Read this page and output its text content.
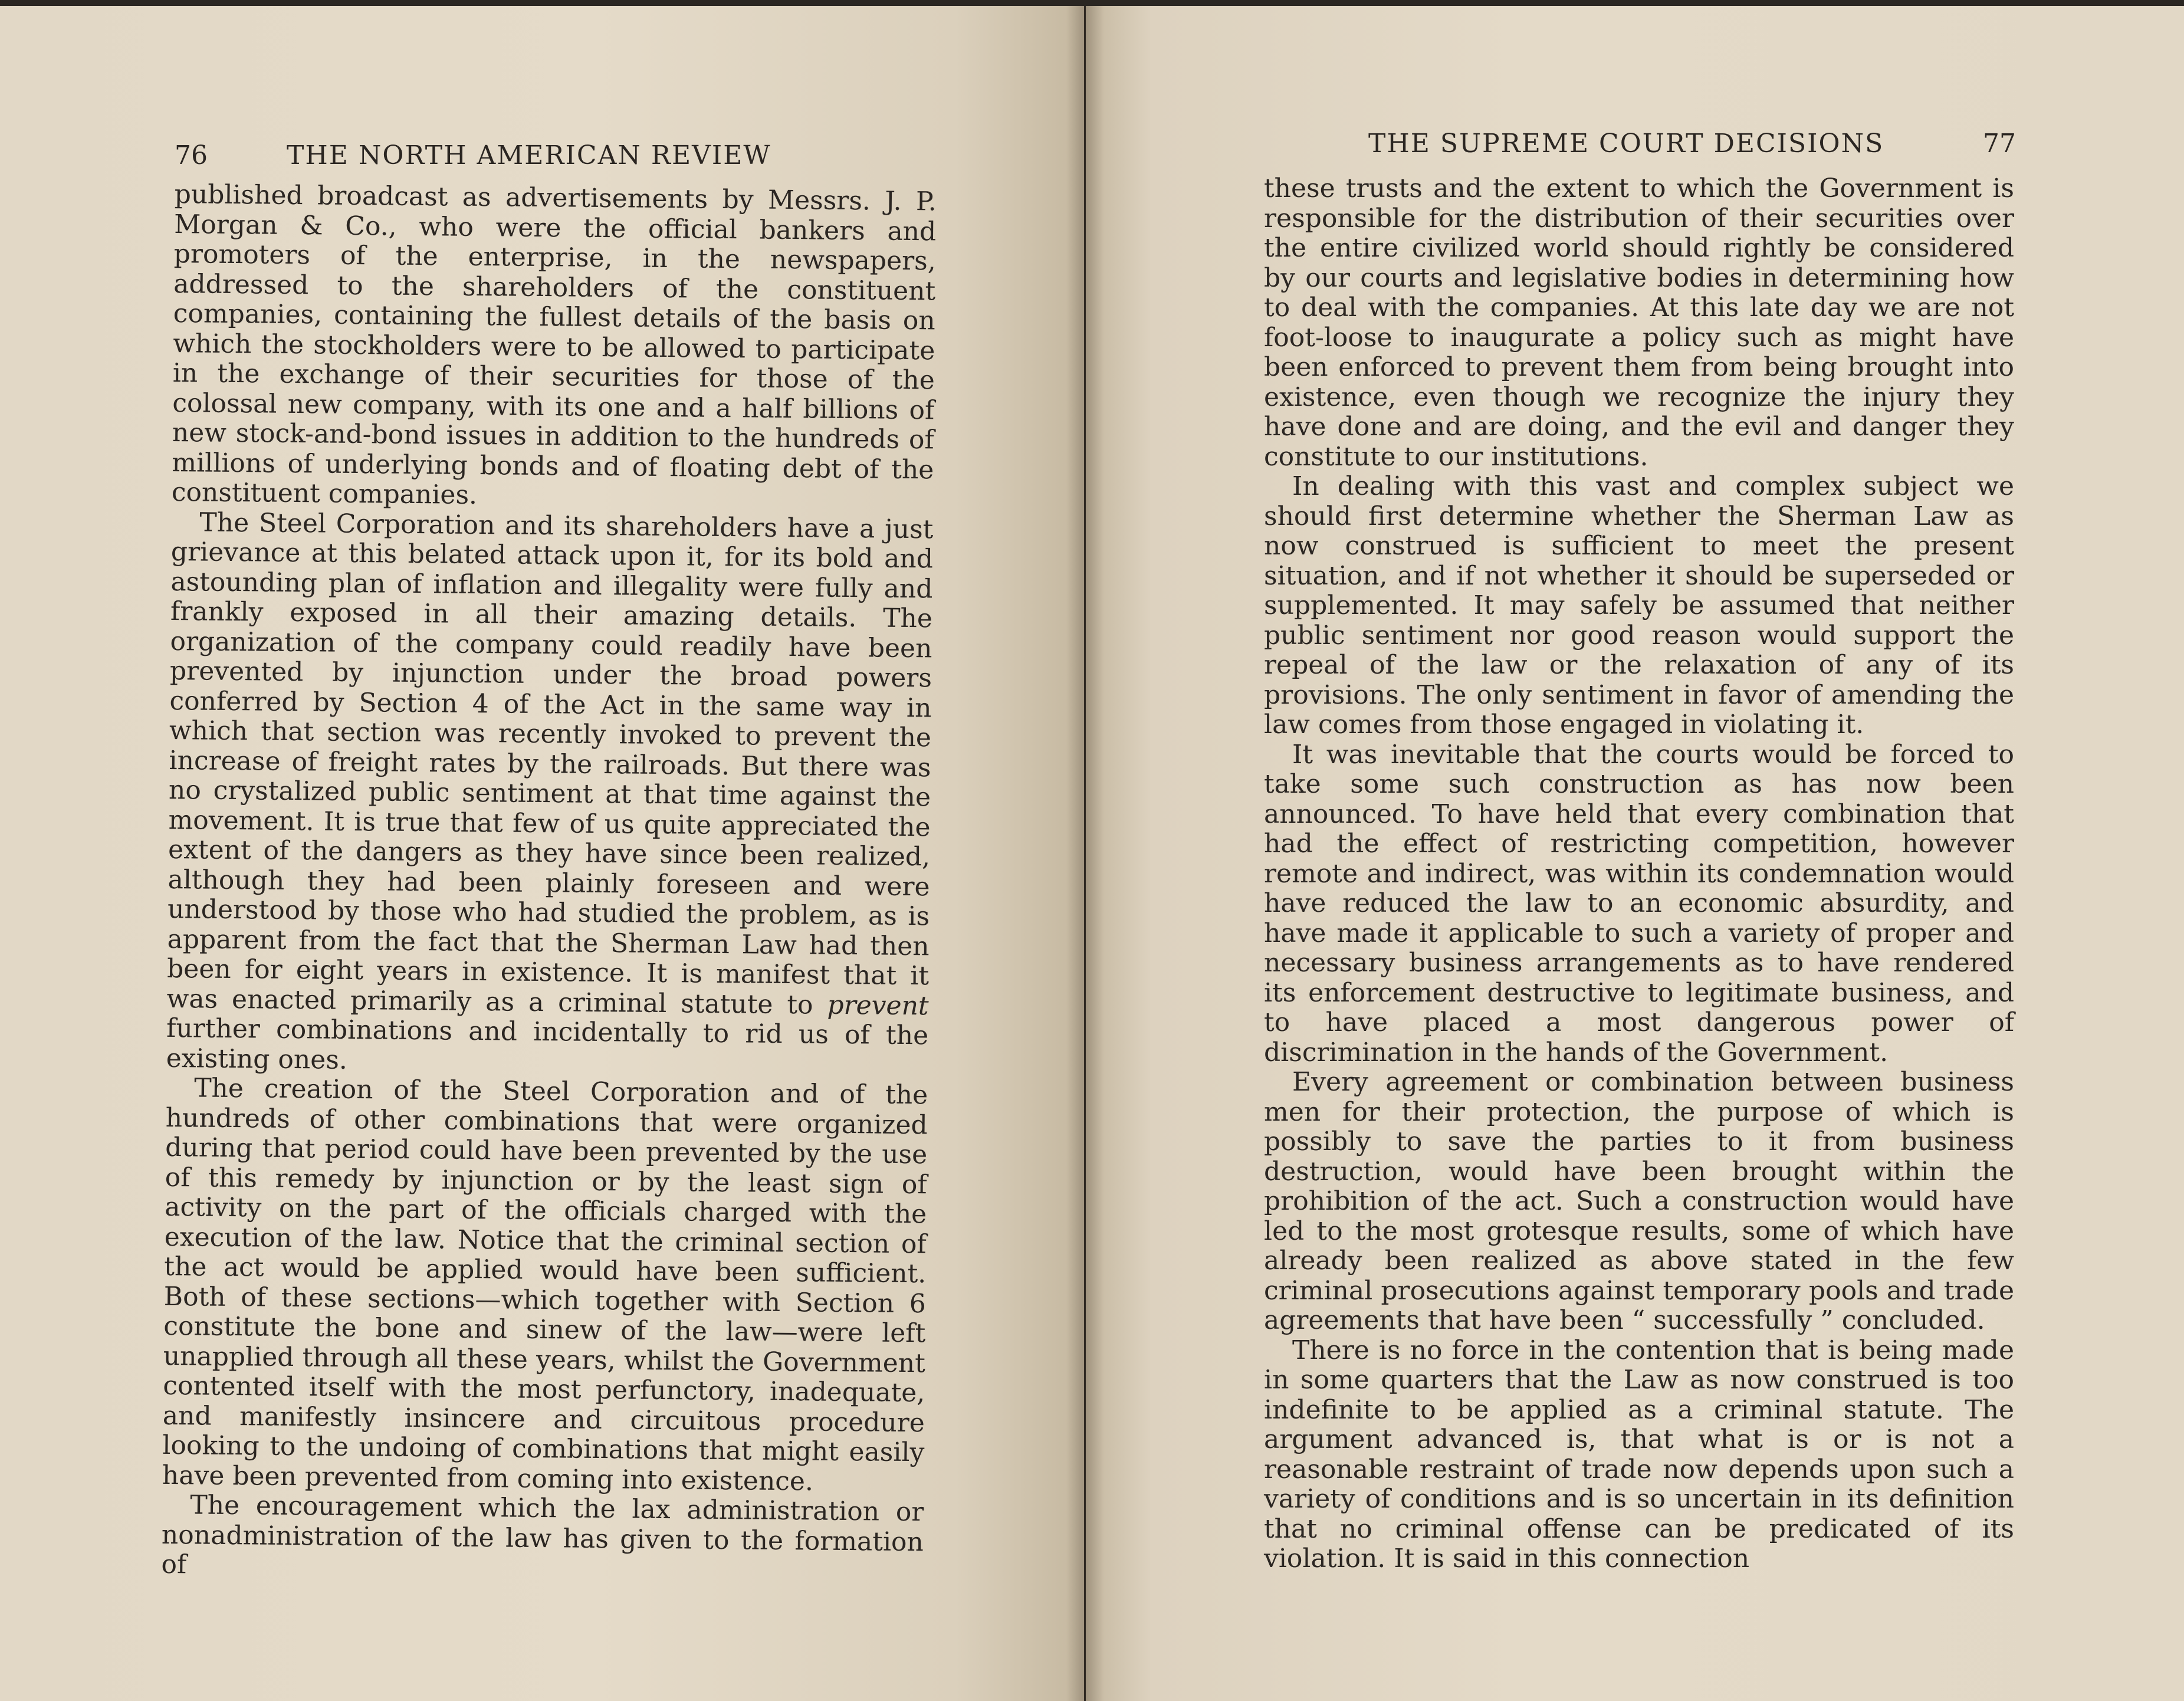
76	THE NORTH AMERICAN REVIEW

published broadcast as advertisements by Messrs. J. P. Morgan & Co., who were the official bankers and promoters of the enterprise, in the newspapers, addressed to the shareholders of the constituent companies, containing the fullest details of the basis on which the stockholders were to be allowed to participate in the exchange of their securities for those of the colossal new company, with its one and a half billions of new stock-and-bond issues in addition to the hundreds of millions of underlying bonds and of floating debt of the constituent companies.

The Steel Corporation and its shareholders have a just grievance at this belated attack upon it, for its bold and astounding plan of inflation and illegality were fully and frankly exposed in all their amazing details. The organization of the company could readily have been prevented by injunction under the broad powers conferred by Section 4 of the Act in the same way in which that section was recently invoked to prevent the increase of freight rates by the railroads. But there was no crystalized public sentiment at that time against the movement. It is true that few of us quite appreciated the extent of the dangers as they have since been realized, although they had been plainly foreseen and were understood by those who had studied the problem, as is apparent from the fact that the Sherman Law had then been for eight years in existence. It is manifest that it was enacted primarily as a criminal statute to prevent further combinations and incidentally to rid us of the existing ones.

The creation of the Steel Corporation and of the hundreds of other combinations that were organized during that period could have been prevented by the use of this remedy by injunction or by the least sign of activity on the part of the officials charged with the execution of the law. Notice that the criminal section of the act would be applied would have been sufficient. Both of these sections—which together with Section 6 constitute the bone and sinew of the law—were left unapplied through all these years, whilst the Government contented itself with the most perfunctory, inadequate, and manifestly insincere and circuitous procedure looking to the undoing of combinations that might easily have been prevented from coming into existence.

The encouragement which the lax administration or nonadministration of the law has given to the formation of

THE SUPREME COURT DECISIONS	77

these trusts and the extent to which the Government is responsible for the distribution of their securities over the entire civilized world should rightly be considered by our courts and legislative bodies in determining how to deal with the companies. At this late day we are not foot-loose to inaugurate a policy such as might have been enforced to prevent them from being brought into existence, even though we recognize the injury they have done and are doing, and the evil and danger they constitute to our institutions.

In dealing with this vast and complex subject we should first determine whether the Sherman Law as now construed is sufficient to meet the present situation, and if not whether it should be superseded or supplemented. It may safely be assumed that neither public sentiment nor good reason would support the repeal of the law or the relaxation of any of its provisions. The only sentiment in favor of amending the law comes from those engaged in violating it.

It was inevitable that the courts would be forced to take some such construction as has now been announced. To have held that every combination that had the effect of restricting competition, however remote and indirect, was within its condemnation would have reduced the law to an economic absurdity, and have made it applicable to such a variety of proper and necessary business arrangements as to have rendered its enforcement destructive to legitimate business, and to have placed a most dangerous power of discrimination in the hands of the Government.

Every agreement or combination between business men for their protection, the purpose of which is possibly to save the parties to it from business destruction, would have been brought within the prohibition of the act. Such a construction would have led to the most grotesque results, some of which have already been realized as above stated in the few criminal prosecutions against temporary pools and trade agreements that have been “ successfully ” concluded.

There is no force in the contention that is being made in some quarters that the Law as now construed is too indefinite to be applied as a criminal statute. The argument advanced is, that what is or is not a reasonable restraint of trade now depends upon such a variety of conditions and is so uncertain in its definition that no criminal offense can be predicated of its violation. It is said in this connection
